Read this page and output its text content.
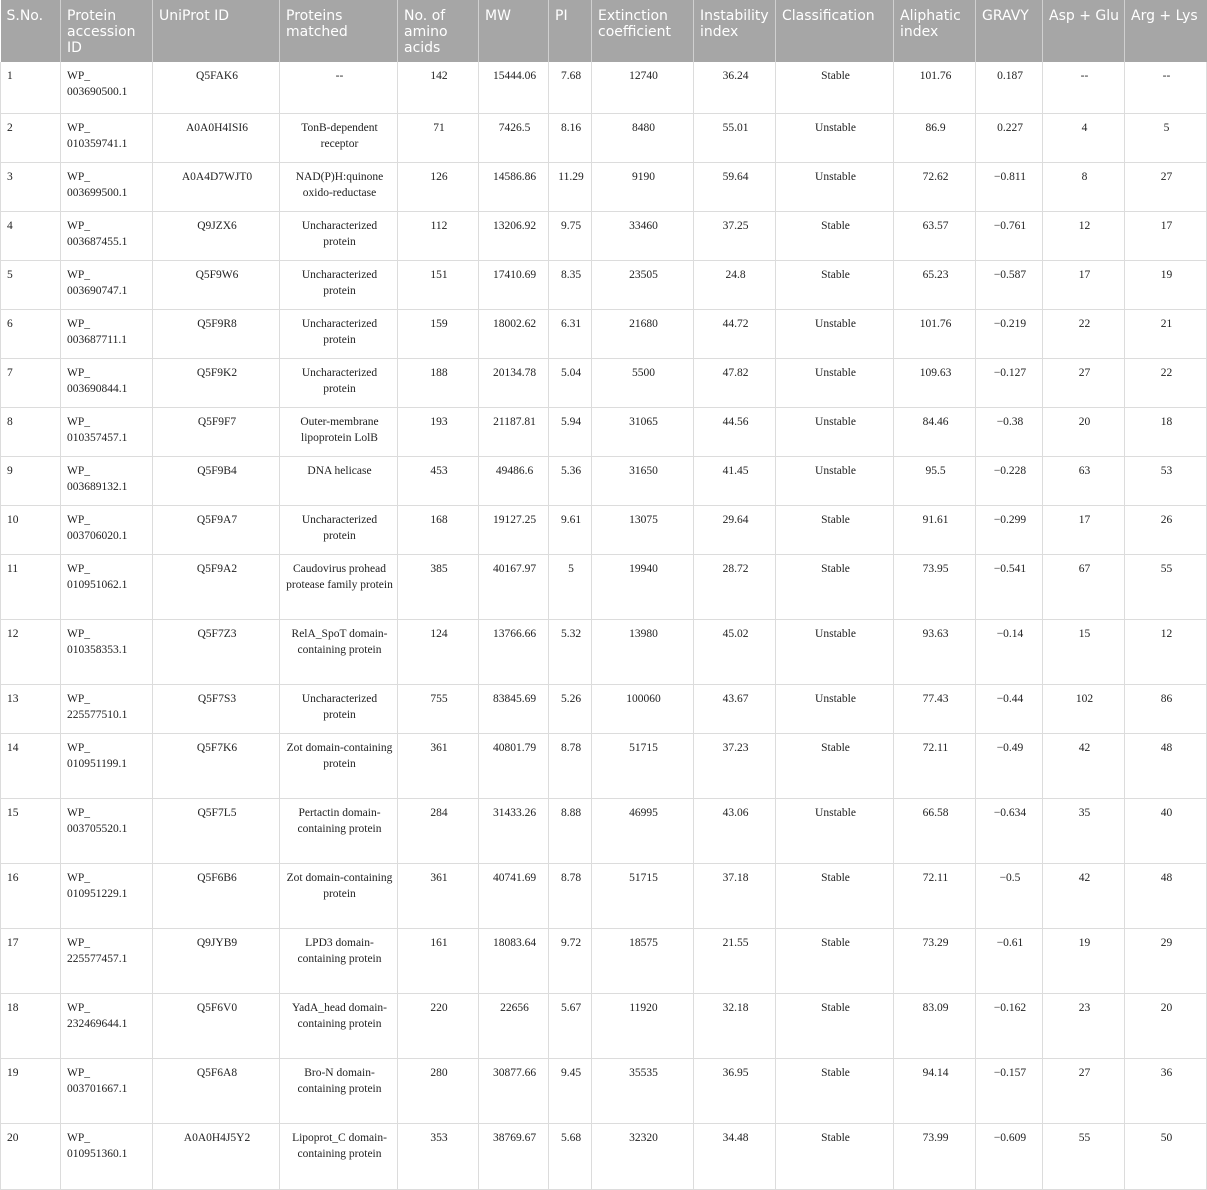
S.No.	Protein accession ID	UniProt ID	Proteins matched	No. of amino acids	MW	PI	Extinction coefficient	Instability index	Classification	Aliphatic index	GRAVY	Asp + Glu	Arg + Lys
1	WP_ 003690500.1	Q5FAK6	--	142	15444.06	7.68	12740	36.24	Stable	101.76	0.187	--	--
2	WP_ 010359741.1	A0A0H4ISI6	TonB-dependent receptor	71	7426.5	8.16	8480	55.01	Unstable	86.9	0.227	4	5
3	WP_ 003699500.1	A0A4D7WJT0	NAD(P)H:quinone oxido-reductase	126	14586.86	11.29	9190	59.64	Unstable	72.62	−0.811	8	27
4	WP_ 003687455.1	Q9JZX6	Uncharacterized protein	112	13206.92	9.75	33460	37.25	Stable	63.57	−0.761	12	17
5	WP_ 003690747.1	Q5F9W6	Uncharacterized protein	151	17410.69	8.35	23505	24.8	Stable	65.23	−0.587	17	19
6	WP_ 003687711.1	Q5F9R8	Uncharacterized protein	159	18002.62	6.31	21680	44.72	Unstable	101.76	−0.219	22	21
7	WP_ 003690844.1	Q5F9K2	Uncharacterized protein	188	20134.78	5.04	5500	47.82	Unstable	109.63	−0.127	27	22
8	WP_ 010357457.1	Q5F9F7	Outer-membrane lipoprotein LolB	193	21187.81	5.94	31065	44.56	Unstable	84.46	−0.38	20	18
9	WP_ 003689132.1	Q5F9B4	DNA helicase	453	49486.6	5.36	31650	41.45	Unstable	95.5	−0.228	63	53
10	WP_ 003706020.1	Q5F9A7	Uncharacterized protein	168	19127.25	9.61	13075	29.64	Stable	91.61	−0.299	17	26
11	WP_ 010951062.1	Q5F9A2	Caudovirus prohead protease family protein	385	40167.97	5	19940	28.72	Stable	73.95	−0.541	67	55
12	WP_ 010358353.1	Q5F7Z3	RelA_SpoT domain-containing protein	124	13766.66	5.32	13980	45.02	Unstable	93.63	−0.14	15	12
13	WP_ 225577510.1	Q5F7S3	Uncharacterized protein	755	83845.69	5.26	100060	43.67	Unstable	77.43	−0.44	102	86
14	WP_ 010951199.1	Q5F7K6	Zot domain-containing protein	361	40801.79	8.78	51715	37.23	Stable	72.11	−0.49	42	48
15	WP_ 003705520.1	Q5F7L5	Pertactin domain-containing protein	284	31433.26	8.88	46995	43.06	Unstable	66.58	−0.634	35	40
16	WP_ 010951229.1	Q5F6B6	Zot domain-containing protein	361	40741.69	8.78	51715	37.18	Stable	72.11	−0.5	42	48
17	WP_ 225577457.1	Q9JYB9	LPD3 domain-containing protein	161	18083.64	9.72	18575	21.55	Stable	73.29	−0.61	19	29
18	WP_ 232469644.1	Q5F6V0	YadA_head domain-containing protein	220	22656	5.67	11920	32.18	Stable	83.09	−0.162	23	20
19	WP_ 003701667.1	Q5F6A8	Bro-N domain-containing protein	280	30877.66	9.45	35535	36.95	Stable	94.14	−0.157	27	36
20	WP_ 010951360.1	A0A0H4J5Y2	Lipoprot_C domain-containing protein	353	38769.67	5.68	32320	34.48	Stable	73.99	−0.609	55	50
